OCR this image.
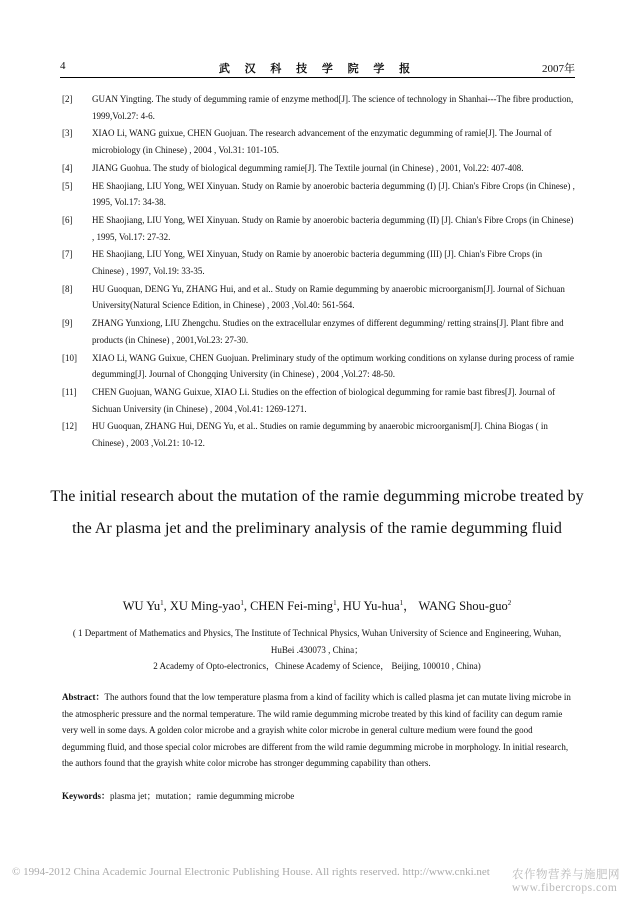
4	武 汉 科 技 学 院 学 报	2007年
[2] GUAN Yingting. The study of degumming ramie of enzyme method[J]. The science of technology in Shanhai---The fibre production, 1999,Vol.27: 4-6.
[3] XIAO Li, WANG guixue, CHEN Guojuan. The research advancement of the enzymatic degumming of ramie[J]. The Journal of microbiology (in Chinese) , 2004 , Vol.31: 101-105.
[4] JIANG Guohua. The study of biological degumming ramie[J]. The Textile journal (in Chinese) , 2001, Vol.22: 407-408.
[5] HE Shaojiang, LIU Yong, WEI Xinyuan. Study on Ramie by anoerobic bacteria degumming (I) [J]. Chian's Fibre Crops (in Chinese) , 1995, Vol.17: 34-38.
[6] HE Shaojiang, LIU Yong, WEI Xinyuan. Study on Ramie by anoerobic bacteria degumming (II) [J]. Chian's Fibre Crops (in Chinese) , 1995, Vol.17: 27-32.
[7] HE Shaojiang, LIU Yong, WEI Xinyuan, Study on Ramie by anoerobic bacteria degumming (III) [J]. Chian's Fibre Crops (in Chinese) , 1997, Vol.19: 33-35.
[8] HU Guoquan, DENG Yu, ZHANG Hui, and et al.. Study on Ramie degumming by anaerobic microorganism[J]. Journal of Sichuan University(Natural Science Edition, in Chinese) , 2003 ,Vol.40: 561-564.
[9] ZHANG Yunxiong, LIU Zhengchu. Studies on the extracellular enzymes of different degumming/ retting strains[J]. Plant fibre and products (in Chinese) , 2001,Vol.23: 27-30.
[10] XIAO Li, WANG Guixue, CHEN Guojuan. Preliminary study of the optimum working conditions on xylanse during process of ramie degumming[J]. Journal of Chongqing University (in Chinese) , 2004 ,Vol.27: 48-50.
[11] CHEN Guojuan, WANG Guixue, XIAO Li. Studies on the effection of biological degumming for ramie bast fibres[J]. Journal of Sichuan University (in Chinese) , 2004 ,Vol.41: 1269-1271.
[12] HU Guoquan, ZHANG Hui, DENG Yu, et al.. Studies on ramie degumming by anaerobic microorganism[J]. China Biogas ( in Chinese) , 2003 ,Vol.21: 10-12.
The initial research about the mutation of the ramie degumming microbe treated by the Ar plasma jet and the preliminary analysis of the ramie degumming fluid
WU Yu$^1$, XU Ming-yao$^1$, CHEN Fei-ming$^1$, HU Yu-hua$^1$， WANG Shou-guo$^2$
( 1 Department of Mathematics and Physics, The Institute of Technical Physics, Wuhan University of Science and Engineering, Wuhan,
HuBei .430073 , China；
2 Academy of Opto-electronics，Chinese Academy of Science， Beijing, 100010 , China)
Abstract：The authors found that the low temperature plasma from a kind of facility which is called plasma jet can mutate living microbe in the atmospheric pressure and the normal temperature. The wild ramie degumming microbe treated by this kind of facility can degum ramie very well in some days. A golden color microbe and a grayish white color microbe in general culture medium were found the good degumming fluid, and those special color microbes are different from the wild ramie degumming microbe in morphology. In initial research, the authors found that the grayish white color microbe has stronger degumming capability than others.
Keywords：plasma jet；mutation；ramie degumming microbe
© 1994-2012 China Academic Journal Electronic Publishing House. All rights reserved. http://www.cnki.net	农作物营养与施肥网 www.fibercrops.com
